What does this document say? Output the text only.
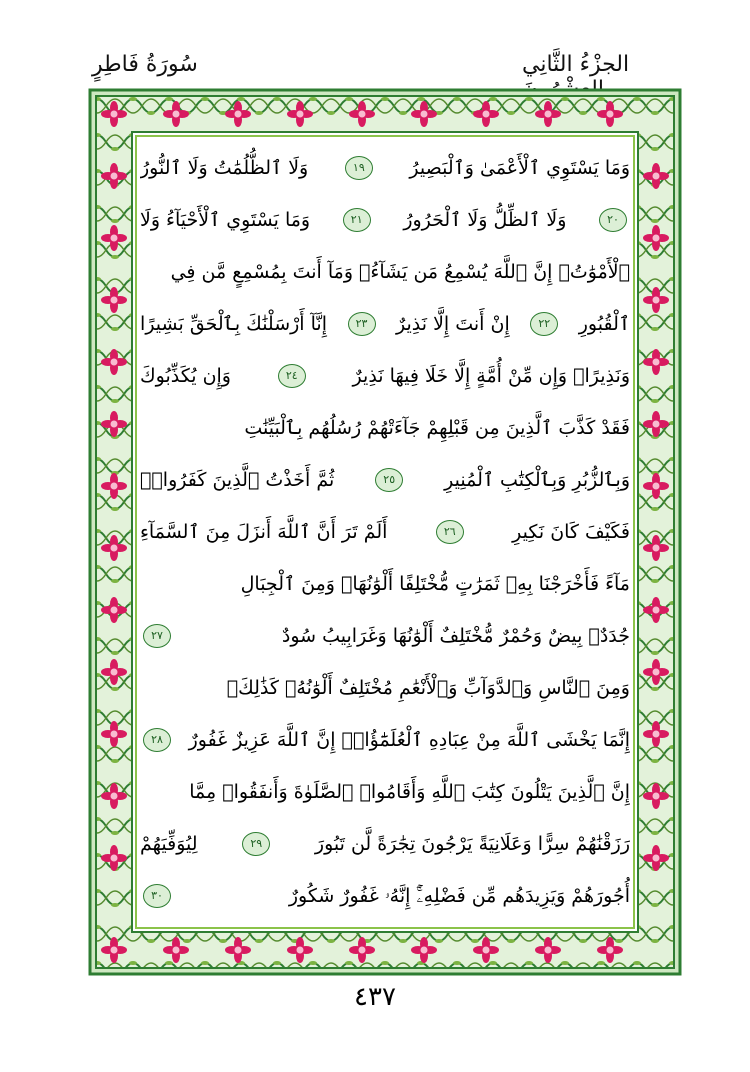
الجزْءُ الثَّانِي
سُورَةُ فَاطِرٍ
وَمَا يَسْتَوِي ٱلْأَعْمَىٰ وَٱلْبَصِيرُ
١٩
وَلَا ٱلظُّلُمَٰتُ وَلَا ٱلنُّورُ
٢٠
وَلَا ٱلظِّلُّ وَلَا ٱلْحَرُورُ
٢١
وَمَا يَسْتَوِي ٱلْأَحْيَآءُ وَلَا
ٱلْأَمْوَٰتُۚ إِنَّ ٱللَّهَ يُسْمِعُ مَن يَشَآءُۖ وَمَآ أَنتَ بِمُسْمِعٍ مَّن فِي
ٱلْقُبُورِ
٢٢
إِنْ أَنتَ إِلَّا نَذِيرٌ
٢٣
إِنَّآ أَرْسَلْنَٰكَ بِٱلْحَقِّ بَشِيرًا
وَنَذِيرًاۚ وَإِن مِّنْ أُمَّةٍ إِلَّا خَلَا فِيهَا نَذِيرٌ
٢٤
وَإِن يُكَذِّبُوكَ
فَقَدْ كَذَّبَ ٱلَّذِينَ مِن قَبْلِهِمْ جَآءَتْهُمْ رُسُلُهُم بِٱلْبَيِّنَٰتِ
وَبِٱلزُّبُرِ وَبِٱلْكِتَٰبِ ٱلْمُنِيرِ
٢٥
ثُمَّ أَخَذْتُ ٱلَّذِينَ كَفَرُوا۟ۖ
فَكَيْفَ كَانَ نَكِيرِ
٢٦
أَلَمْ تَرَ أَنَّ ٱللَّهَ أَنزَلَ مِنَ ٱلسَّمَآءِ
مَآءً فَأَخْرَجْنَا بِهِۦ ثَمَرَٰتٍ مُّخْتَلِفًا أَلْوَٰنُهَاۚ وَمِنَ ٱلْجِبَالِ
جُدَدٌۢ بِيضٌ وَحُمْرٌ مُّخْتَلِفٌ أَلْوَٰنُهَا وَغَرَابِيبُ سُودٌ
٢٧
وَمِنَ ٱلنَّاسِ وَٱلدَّوَآبِّ وَٱلْأَنْعَٰمِ مُخْتَلِفٌ أَلْوَٰنُهُۥ كَذَٰلِكَۗ
إِنَّمَا يَخْشَى ٱللَّهَ مِنْ عِبَادِهِ ٱلْعُلَمَٰٓؤُا۟ۗ إِنَّ ٱللَّهَ عَزِيزٌ غَفُورٌ
٢٨
إِنَّ ٱلَّذِينَ يَتْلُونَ كِتَٰبَ ٱللَّهِ وَأَقَامُوا۟ ٱلصَّلَوٰةَ وَأَنفَقُوا۟ مِمَّا
رَزَقْنَٰهُمْ سِرًّا وَعَلَانِيَةً يَرْجُونَ تِجَٰرَةً لَّن تَبُورَ
٢٩
لِيُوَفِّيَهُمْ
أُجُورَهُمْ وَيَزِيدَهُم مِّن فَضْلِهِۦٓۚ إِنَّهُۥ غَفُورٌ شَكُورٌ
٣٠
٤٣٧
